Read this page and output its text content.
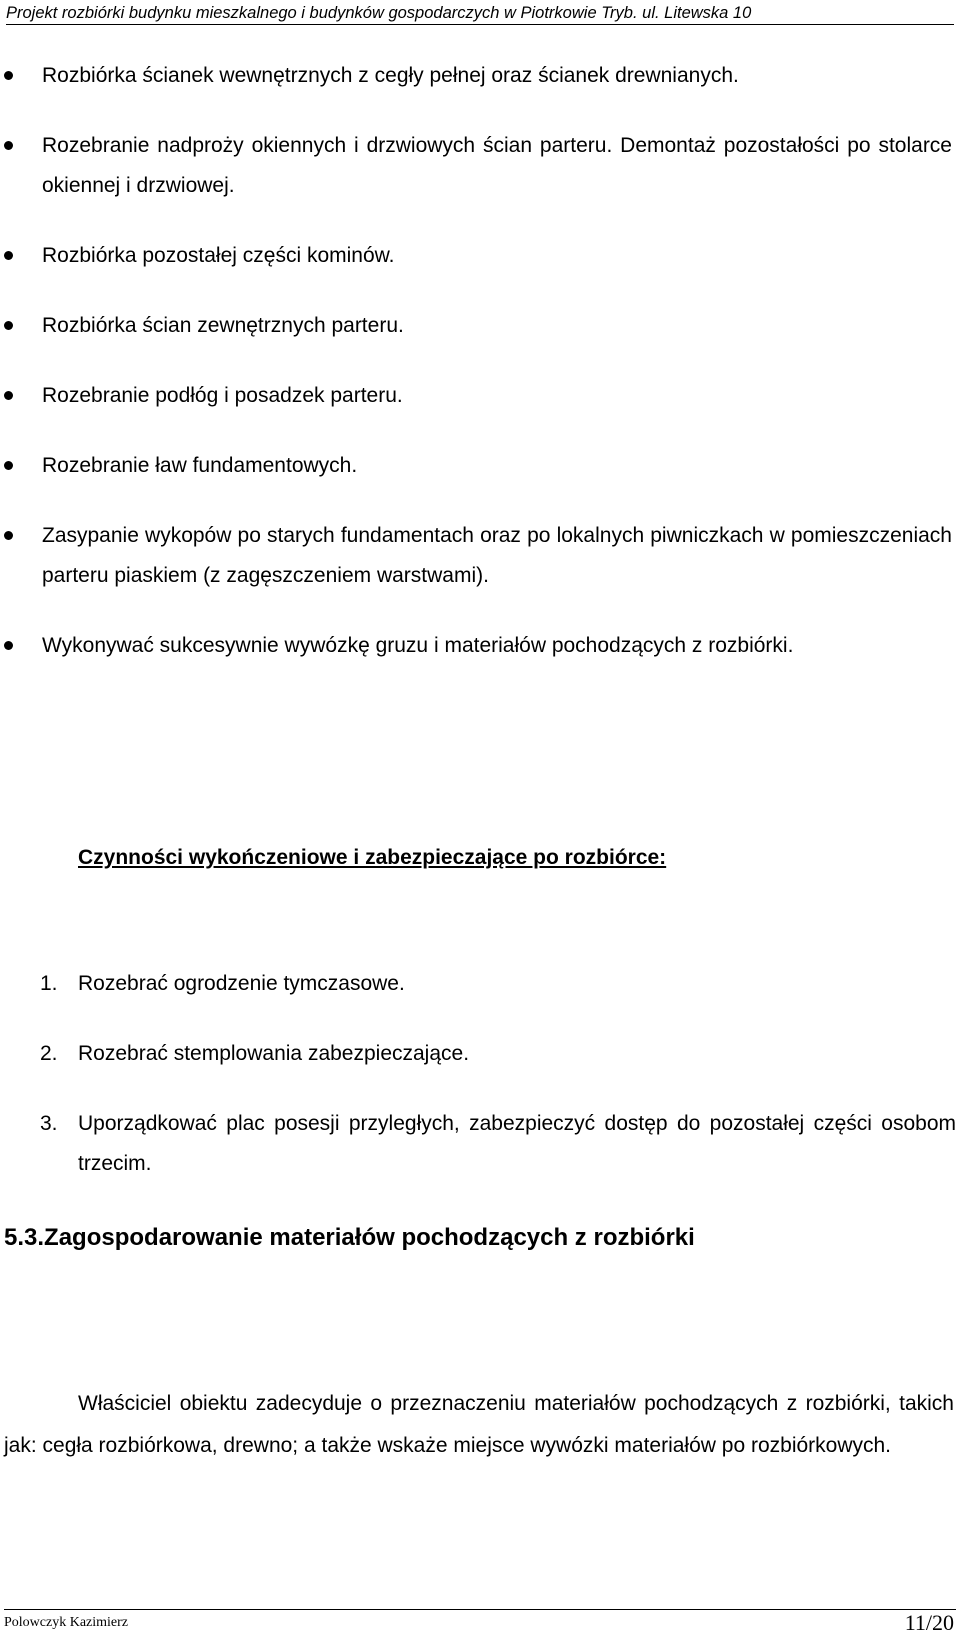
Projekt rozbiórki budynku mieszkalnego i budynków gospodarczych w Piotrkowie Tryb. ul. Litewska 10
Rozbiórka ścianek wewnętrznych z cegły pełnej oraz ścianek drewnianych.
Rozebranie nadproży okiennych i drzwiowych ścian parteru. Demontaż pozostałości po stolarce okiennej i drzwiowej.
Rozbiórka pozostałej części kominów.
Rozbiórka ścian zewnętrznych parteru.
Rozebranie podłóg i posadzek parteru.
Rozebranie ław fundamentowych.
Zasypanie wykopów po starych fundamentach oraz po lokalnych piwniczkach w pomieszczeniach parteru piaskiem (z zagęszczeniem warstwami).
Wykonywać sukcesywnie wywózkę gruzu i materiałów pochodzących z rozbiórki.
Czynności wykończeniowe i zabezpieczające po rozbiórce:
1. Rozebrać ogrodzenie tymczasowe.
2. Rozebrać stemplowania zabezpieczające.
3. Uporządkować plac posesji przyległych, zabezpieczyć dostęp do pozostałej części osobom trzecim.
5.3.Zagospodarowanie materiałów pochodzących z rozbiórki
Właściciel obiektu zadecyduje o przeznaczeniu materiałów pochodzących z rozbiórki, takich jak: cegła rozbiórkowa, drewno; a także wskaże miejsce wywózki materiałów po rozbiórkowych.
Polowczyk Kazimierz	11/20
